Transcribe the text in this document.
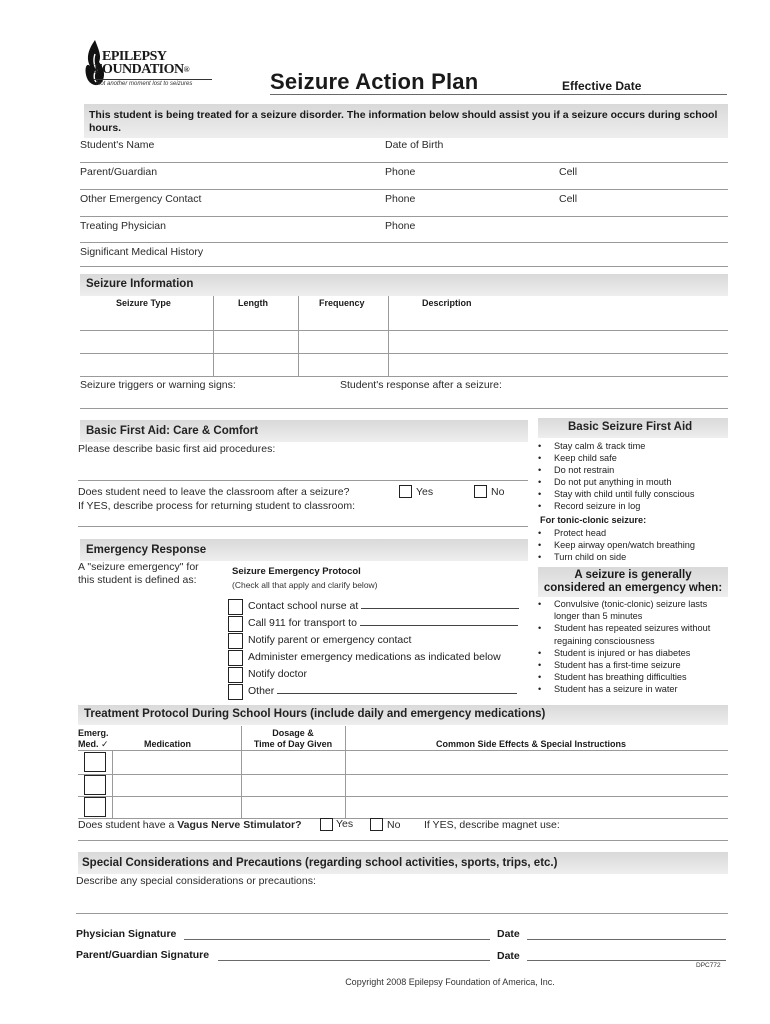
EPILEPSY
FOUNDATION®
Not another moment lost to seizures	Seizure Action Plan	Effective Date
This student is being treated for a seizure disorder. The information below should assist you if a seizure occurs during school hours.
Student's Name	Date of Birth
Parent/Guardian	Phone	Cell
Other Emergency Contact	Phone	Cell
Treating Physician	Phone
Significant Medical History
Seizure Information
Seizure Type	Length	Frequency	Description
Seizure triggers or warning signs:	Student's response after a seizure:
Basic First Aid: Care & Comfort
Please describe basic first aid procedures:
Does student need to leave the classroom after a seizure?	Yes	No
If YES, describe process for returning student to classroom:
Basic Seizure First Aid
• Stay calm & track time
• Keep child safe
• Do not restrain
• Do not put anything in mouth
• Stay with child until fully conscious
• Record seizure in log
For tonic-clonic seizure:
• Protect head
• Keep airway open/watch breathing
• Turn child on side
Emergency Response
A "seizure emergency" for
this student is defined as:
Seizure Emergency Protocol
(Check all that apply and clarify below)
Contact school nurse at
Call 911 for transport to
Notify parent or emergency contact
Administer emergency medications as indicated below
Notify doctor
Other
A seizure is generally
considered an emergency when:
• Convulsive (tonic-clonic) seizure lasts longer than 5 minutes
• Student has repeated seizures without regaining consciousness
• Student is injured or has diabetes
• Student has a first-time seizure
• Student has breathing difficulties
• Student has a seizure in water
Treatment Protocol During School Hours (include daily and emergency medications)
Emerg.
Med. ✓	Medication
Dosage &
Time of Day Given	Common Side Effects & Special Instructions
Does student have a Vagus Nerve Stimulator?	Yes	No If YES, describe magnet use:
Special Considerations and Precautions (regarding school activities, sports, trips, etc.)
Describe any special considerations or precautions:
Physician Signature	Date
Parent/Guardian Signature	Date
DPC772
Copyright 2008 Epilepsy Foundation of America, Inc.
